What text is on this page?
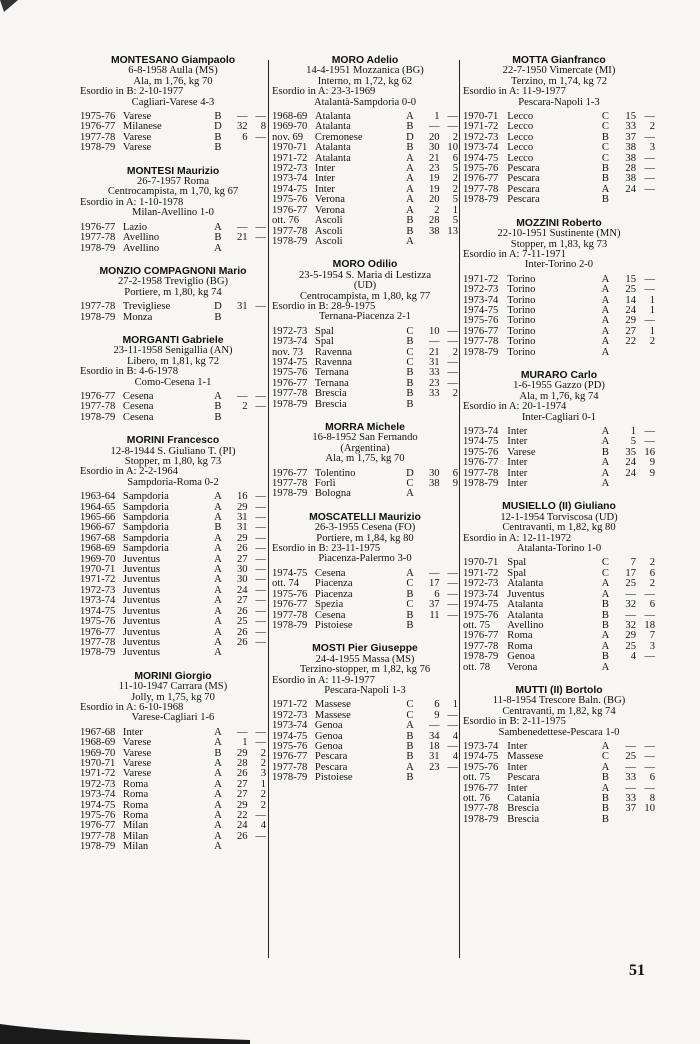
MONTESANO Giampaolo
6-8-1958 Aulla (MS)
Ala, m 1,76, kg 70
Esordio in B: 2-10-1977
Cagliari-Varese 4-3
1975-76	Varese	B	—	—
1976-77	Milanese	D	32	8
1977-78	Varese	B	6	—
1978-79	Varese	B		
MONTESI Maurizio
26-7-1957 Roma
Centrocampista, m 1,70, kg 67
Esordio in A: 1-10-1978
Milan-Avellino 1-0
1976-77	Lazio	A	—	—
1977-78	Avellino	B	21	—
1978-79	Avellino	A		
MONZIO COMPAGNONI Mario
27-2-1958 Treviglio (BG)
Portiere, m 1,80, kg 74
1977-78	Trevigliese	D	31	—
1978-79	Monza	B		
MORGANTI Gabriele
23-11-1958 Senigallia (AN)
Libero, m 1,81, kg 72
Esordio in B: 4-6-1978
Como-Cesena 1-1
1976-77	Cesena	A	—	—
1977-78	Cesena	B	2	—
1978-79	Cesena	B		
MORINI Francesco
12-8-1944 S. Giuliano T. (PI)
Stopper, m 1,80, kg 73
Esordio in A: 2-2-1964
Sampdoria-Roma 0-2
1963-64	Sampdoria	A	16	—
1964-65	Sampdoria	A	29	—
1965-66	Sampdoria	A	31	—
1966-67	Sampdoria	B	31	—
1967-68	Sampdoria	A	29	—
1968-69	Sampdoria	A	26	—
1969-70	Juventus	A	27	—
1970-71	Juventus	A	30	—
1971-72	Juventus	A	30	—
1972-73	Juventus	A	24	—
1973-74	Juventus	A	27	—
1974-75	Juventus	A	26	—
1975-76	Juventus	A	25	—
1976-77	Juventus	A	26	—
1977-78	Juventus	A	26	—
1978-79	Juventus	A		
MORINI Giorgio
11-10-1947 Carrara (MS)
Jolly, m 1,75, kg 70
Esordio in A: 6-10-1968
Varese-Cagliari 1-6
1967-68	Inter	A	—	—
1968-69	Varese	A	1	—
1969-70	Varese	B	29	2
1970-71	Varese	A	28	2
1971-72	Varese	A	26	3
1972-73	Roma	A	27	1
1973-74	Roma	A	27	2
1974-75	Roma	A	29	2
1975-76	Roma	A	22	—
1976-77	Milan	A	24	4
1977-78	Milan	A	26	—
1978-79	Milan	A		
MORO Adelio
14-4-1951 Mozzanica (BG)
Interno, m 1,72, kg 62
Esordio in A: 23-3-1969
Atalantà-Sampdoria 0-0
1968-69	Atalanta	A	1	—
1969-70	Atalanta	B	—	—
nov. 69	Cremonese	D	20	2
1970-71	Atalanta	B	30	10
1971-72	Atalanta	A	21	6
1972-73	Inter	A	23	5
1973-74	Inter	A	19	2
1974-75	Inter	A	19	2
1975-76	Verona	A	20	5
1976-77	Verona	A	2	1
ott. 76	Ascoli	B	28	5
1977-78	Ascoli	B	38	13
1978-79	Ascoli	A		
MORO Odilio
23-5-1954 S. Maria di Lestizza
(UD)
Centrocampista, m 1,80, kg 77
Esordio in B: 28-9-1975
Ternana-Piacenza 2-1
1972-73	Spal	C	10	—
1973-74	Spal	B	—	—
nov. 73	Ravenna	C	21	2
1974-75	Ravenna	C	31	—
1975-76	Ternana	B	33	—
1976-77	Ternana	B	23	—
1977-78	Brescia	B	33	2
1978-79	Brescia	B		
MORRA Michele
16-8-1952 San Fernando
(Argentina)
Ala, m 1,75, kg 70
1976-77	Tolentino	D	30	6
1977-78	Forlì	C	38	9
1978-79	Bologna	A		
MOSCATELLI Maurizio
26-3-1955 Cesena (FO)
Portiere, m 1,84, kg 80
Esordio in B: 23-11-1975
Piacenza-Palermo 3-0
1974-75	Cesena	A	—	—
ott. 74	Piacenza	C	17	—
1975-76	Piacenza	B	6	—
1976-77	Spezia	C	37	—
1977-78	Cesena	B	11	—
1978-79	Pistoiese	B		
MOSTI Pier Giuseppe
24-4-1955 Massa (MS)
Terzino-stopper, m 1,82, kg 76
Esordio in A: 11-9-1977
Pescara-Napoli 1-3
1971-72	Massese	C	6	1
1972-73	Massese	C	9	—
1973-74	Genoa	A	—	—
1974-75	Genoa	B	34	4
1975-76	Genoa	B	18	—
1976-77	Pescara	B	31	4
1977-78	Pescara	A	23	—
1978-79	Pistoiese	B		
MOTTA Gianfranco
22-7-1950 Vimercate (MI)
Terzino, m 1,74, kg 72
Esordio in A: 11-9-1977
Pescara-Napoli 1-3
1970-71	Lecco	C	15	—
1971-72	Lecco	C	33	2
1972-73	Lecco	B	37	—
1973-74	Lecco	C	38	3
1974-75	Lecco	C	38	—
1975-76	Pescara	B	28	—
1976-77	Pescara	B	38	—
1977-78	Pescara	A	24	—
1978-79	Pescara	B		
MOZZINI Roberto
22-10-1951 Sustinente (MN)
Stopper, m 1,83, kg 73
Esordio in A: 7-11-1971
Inter-Torino 2-0
1971-72	Torino	A	15	—
1972-73	Torino	A	25	—
1973-74	Torino	A	14	1
1974-75	Torino	A	24	1
1975-76	Torino	A	29	—
1976-77	Torino	A	27	1
1977-78	Torino	A	22	2
1978-79	Torino	A		
MURARO Carlo
1-6-1955 Gazzo (PD)
Ala, m 1,76, kg 74
Esordio in A: 20-1-1974
Inter-Cagliari 0-1
1973-74	Inter	A	1	—
1974-75	Inter	A	5	—
1975-76	Varese	B	35	16
1976-77	Inter	A	24	9
1977-78	Inter	A	24	9
1978-79	Inter	A		
MUSIELLO (II) Giuliano
12-1-1954 Torviscosa (UD)
Centravanti, m 1,82, kg 80
Esordio in A: 12-11-1972
Atalanta-Torino 1-0
1970-71	Spal	C	7	2
1971-72	Spal	C	17	6
1972-73	Atalanta	A	25	2
1973-74	Juventus	A	—	—
1974-75	Atalanta	B	32	6
1975-76	Atalanta	B	—	—
ott. 75	Avellino	B	32	18
1976-77	Roma	A	29	7
1977-78	Roma	A	25	3
1978-79	Genoa	B	4	—
ott. 78	Verona	A		
MUTTI (II) Bortolo
11-8-1954 Trescore Baln. (BG)
Centravanti, m 1,82, kg 74
Esordio in B: 2-11-1975
Sambenedettese-Pescara 1-0
1973-74	Inter	A	—	—
1974-75	Massese	C	25	—
1975-76	Inter	A	—	—
ott. 75	Pescara	B	33	6
1976-77	Inter	A	—	—
ott. 76	Catania	B	33	8
1977-78	Brescia	B	37	10
1978-79	Brescia	B		
51
